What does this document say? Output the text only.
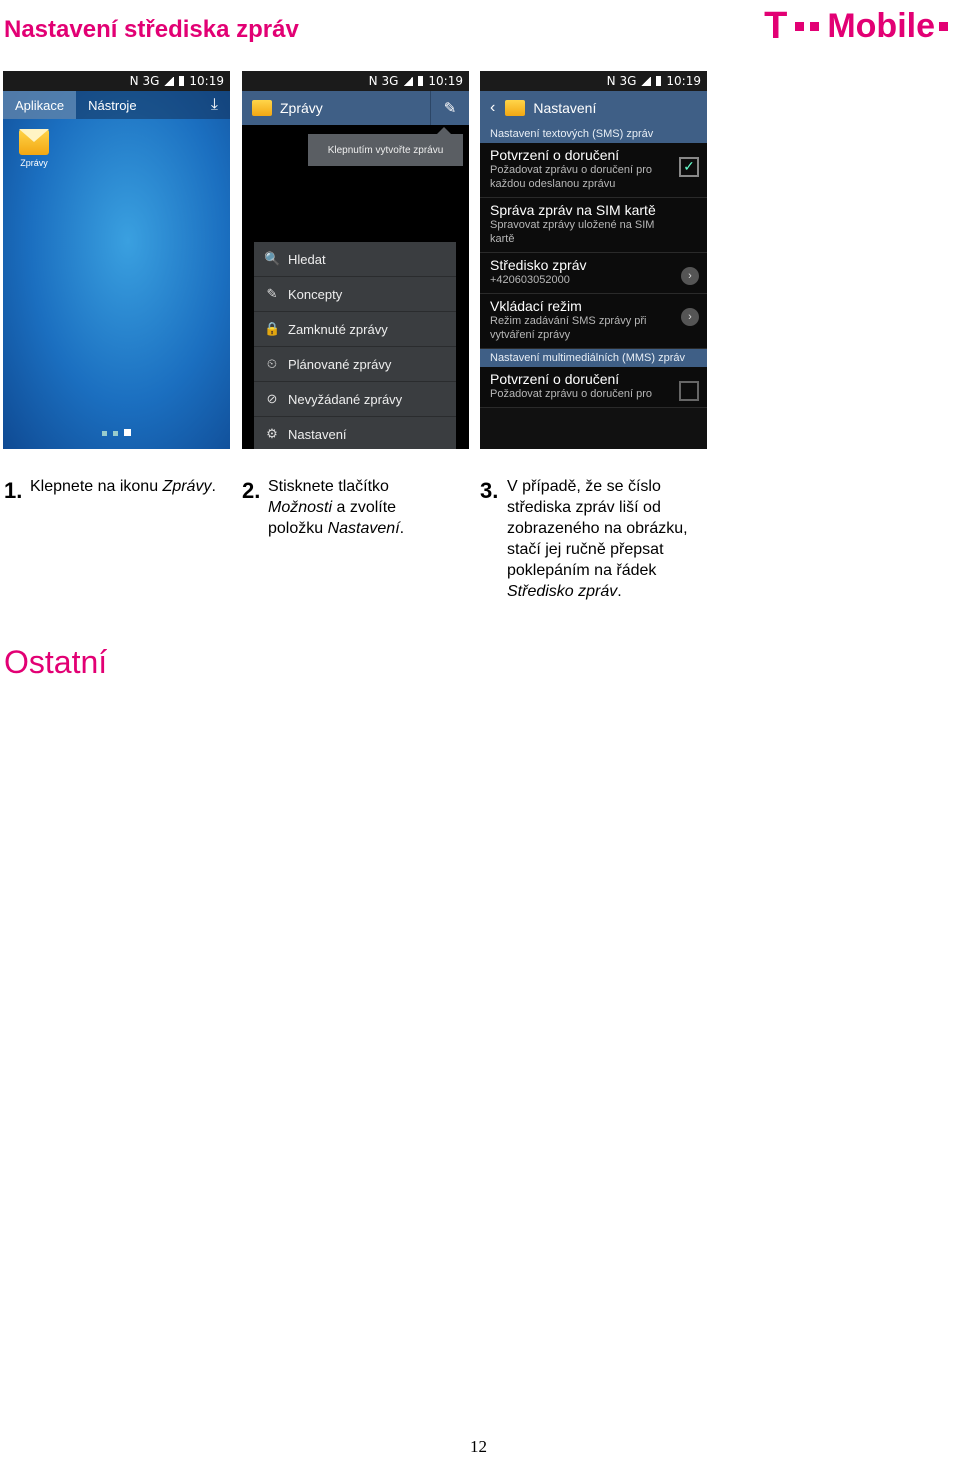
Nastavení střediska zpráv	T Mobile
N 3G	10:19
Aplikace	Nástroje	⤓
Zprávy
N 3G	10:19
Zprávy	✎
Klepnutím vytvořte zprávu
🔍 Hledat
✎ Koncepty
🔒 Zamknuté zprávy
⏲ Plánované zprávy
⊘ Nevyžádané zprávy
⚙ Nastavení
N 3G	10:19
‹	Nastavení
Nastavení textových (SMS) zpráv
Potvrzení o doručení
Požadovat zprávu o doručení pro každou odeslanou zprávu
✓
Správa zpráv na SIM kartě
Spravovat zprávy uložené na SIM kartě
Středisko zpráv
+420603052000	›
Vkládací režim
Režim zadávání SMS zprávy při vytváření zprávy
›
Nastavení multimediálních (MMS) zpráv
Potvrzení o doručení
Požadovat zprávu o doručení pro
1. Klepnete na ikonu Zprávy. 2. Stisknete tlačítko Možnosti a zvolíte položku Nastavení.
3. V případě, že se číslo střediska zpráv liší od zobrazeného na obrázku, stačí jej ručně přepsat poklepáním na řádek Středisko zpráv.
Ostatní
12
